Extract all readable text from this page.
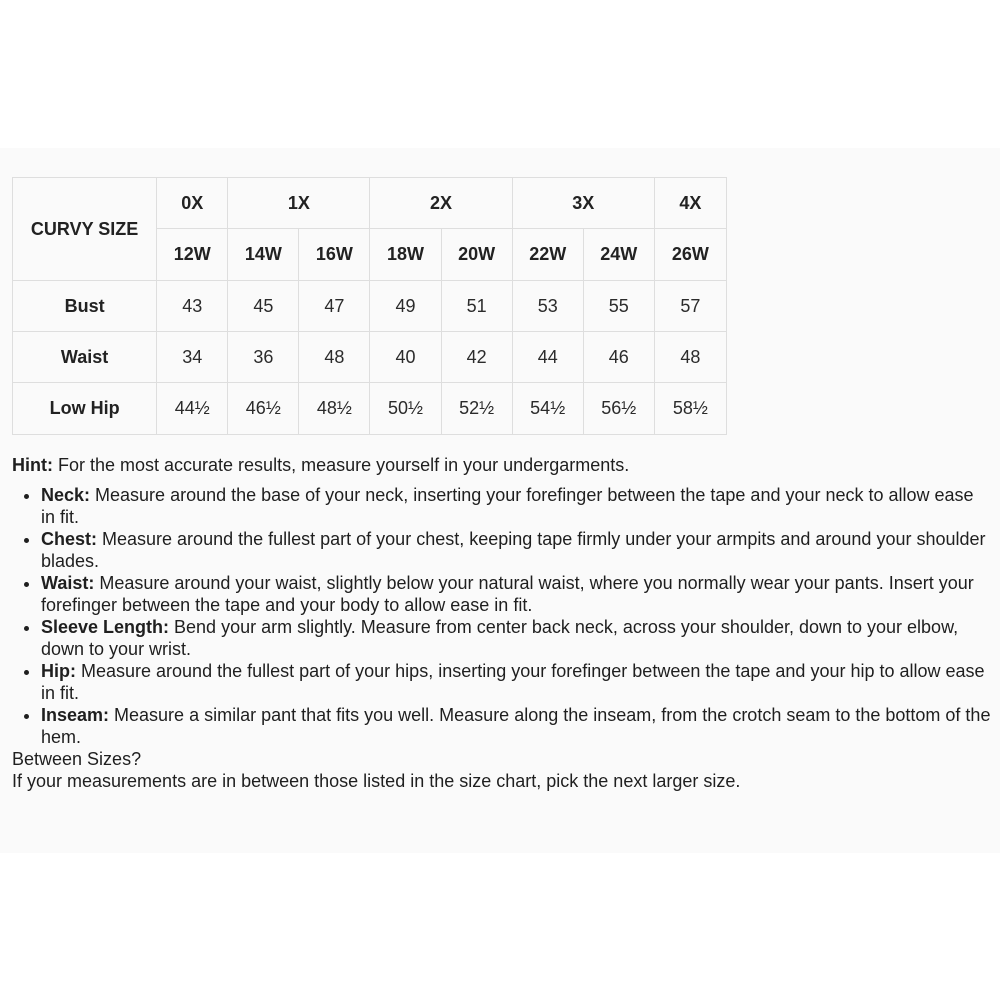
CURVY SIZE	0X	1X		2X		3X		4X
	12W	14W	16W	18W	20W	22W	24W	26W
Bust	43	45	47	49	51	53	55	57
Waist	34	36	48	40	42	44	46	48
Low Hip	44½	46½	48½	50½	52½	54½	56½	58½

Hint: For the most accurate results, measure yourself in your undergarments.

• Neck: Measure around the base of your neck, inserting your forefinger between the tape and your neck to allow ease in fit.
• Chest: Measure around the fullest part of your chest, keeping tape firmly under your armpits and around your shoulder blades.
• Waist: Measure around your waist, slightly below your natural waist, where you normally wear your pants. Insert your forefinger between the tape and your body to allow ease in fit.
• Sleeve Length: Bend your arm slightly. Measure from center back neck, across your shoulder, down to your elbow, down to your wrist.
• Hip: Measure around the fullest part of your hips, inserting your forefinger between the tape and your hip to allow ease in fit.
• Inseam: Measure a similar pant that fits you well. Measure along the inseam, from the crotch seam to the bottom of the hem.

Between Sizes?

If your measurements are in between those listed in the size chart, pick the next larger size.
